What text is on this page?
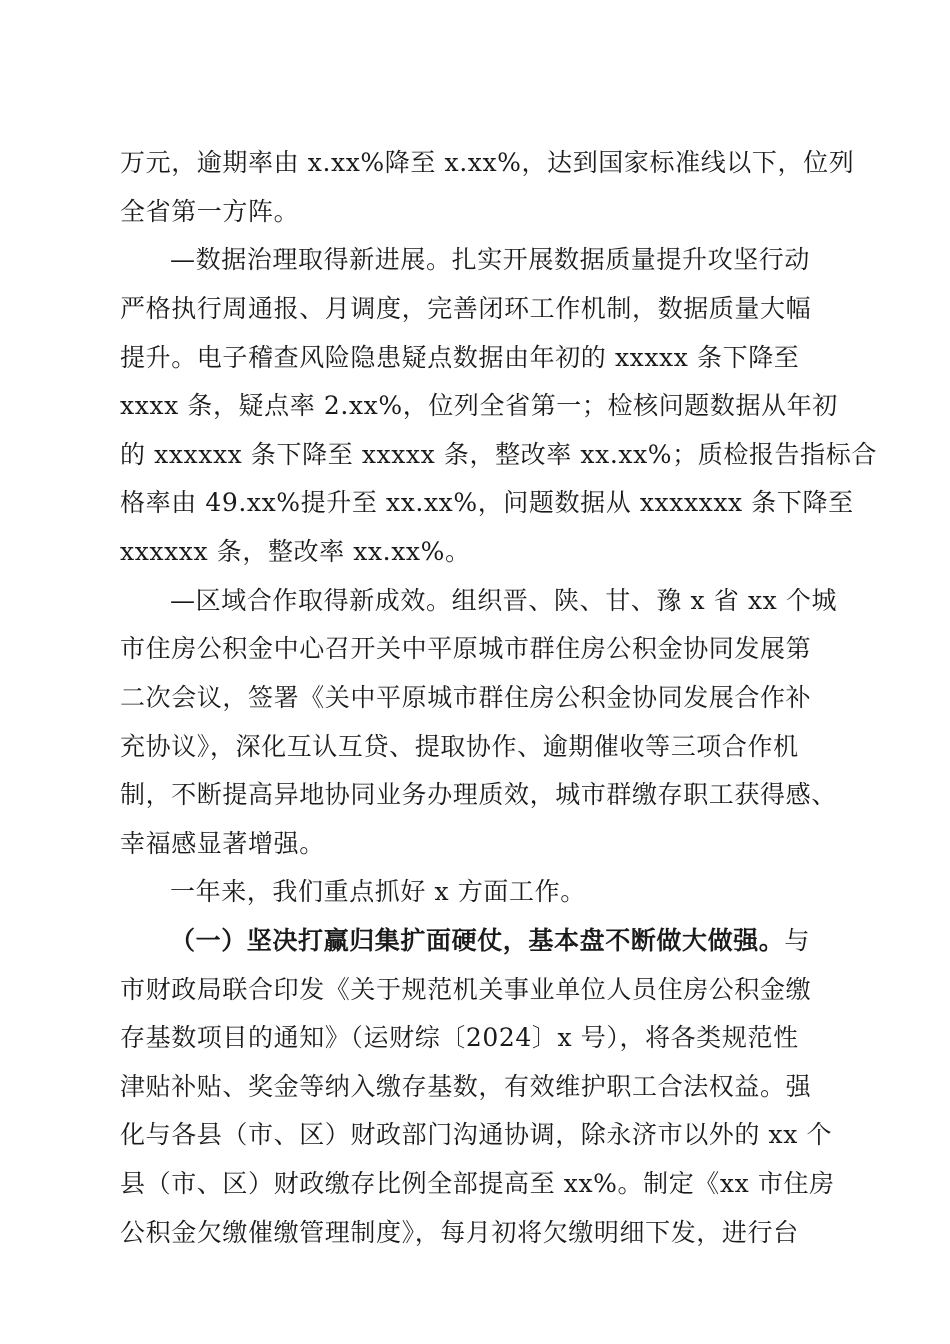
万元，逾期率由 x.xx%降至 x.xx%，达到国家标准线以下，位列
全省第一方阵。
—数据治理取得新进展。扎实开展数据质量提升攻坚行动
严格执行周通报、月调度，完善闭环工作机制，数据质量大幅
提升。电子稽查风险隐患疑点数据由年初的 xxxxx 条下降至
xxxx 条，疑点率 2.xx%，位列全省第一；检核问题数据从年初
的 xxxxxx 条下降至 xxxxx 条，整改率 xx.xx%；质检报告指标合
格率由 49.xx%提升至 xx.xx%，问题数据从 xxxxxxx 条下降至
xxxxxx 条，整改率 xx.xx%。
—区域合作取得新成效。组织晋、陕、甘、豫 x 省 xx 个城
市住房公积金中心召开关中平原城市群住房公积金协同发展第
二次会议，签署《关中平原城市群住房公积金协同发展合作补
充协议》，深化互认互贷、提取协作、逾期催收等三项合作机
制，不断提高异地协同业务办理质效，城市群缴存职工获得感、
幸福感显著增强。
一年来，我们重点抓好 x 方面工作。
（一）坚决打赢归集扩面硬仗，基本盘不断做大做强。与
市财政局联合印发《关于规范机关事业单位人员住房公积金缴
存基数项目的通知》（运财综〔2024〕x 号），将各类规范性
津贴补贴、奖金等纳入缴存基数，有效维护职工合法权益。强
化与各县（市、区）财政部门沟通协调，除永济市以外的 xx 个
县（市、区）财政缴存比例全部提高至 xx%。制定《xx 市住房
公积金欠缴催缴管理制度》，每月初将欠缴明细下发，进行台
